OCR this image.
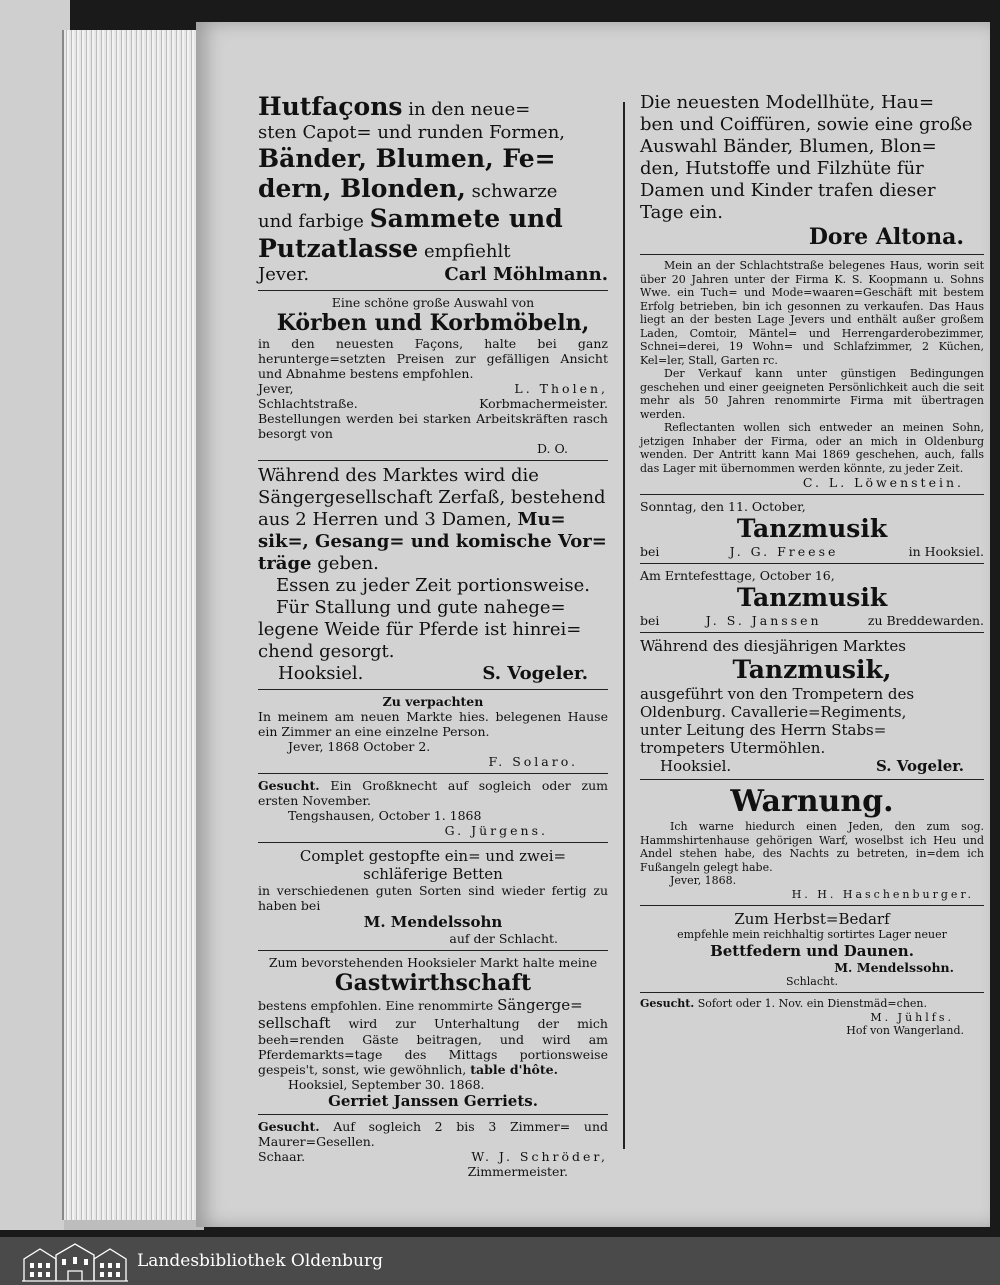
Hutfaçons in den neue=

sten Capot= und runden Formen,

Bänder, Blumen, Fe=

dern, Blonden, schwarze

und farbige Sammete und

Putzatlasse empfiehlt

Jever.	Carl Möhlmann.

Eine schöne große Auswahl von

Körben und Korbmöbeln,

in den neuesten Façons, halte bei ganz herunterge=setzten Preisen zur gefälligen Ansicht und Abnahme bestens empfohlen.

Jever,	L. Tholen,
Schlachtstraße.	Korbmachermeister.

Bestellungen werden bei starken Arbeitskräften rasch besorgt von

D. O.

Während des Marktes wird die

Sängergesellschaft Zerfaß, bestehend

aus 2 Herren und 3 Damen, Mu=

sik=, Gesang= und komische Vor=

träge geben.

Essen zu jeder Zeit portionsweise.

Für Stallung und gute nahege=

legene Weide für Pferde ist hinrei=

chend gesorgt.

Hooksiel.	S. Vogeler.

Zu verpachten

In meinem am neuen Markte hies. belegenen Hause ein Zimmer an eine einzelne Person.

Jever, 1868 October 2.

F. Solaro.

Gesucht. Ein Großknecht auf sogleich oder zum ersten November.

Tengshausen, October 1. 1868

G. Jürgens.

Complet gestopfte ein= und zwei=

schläferige Betten

in verschiedenen guten Sorten sind wieder fertig zu haben bei

M. Mendelssohn

auf der Schlacht.

Zum bevorstehenden Hooksieler Markt halte meine

Gastwirthschaft

bestens empfohlen. Eine renommirte Sängerge=

sellschaft wird zur Unterhaltung der mich beeh=renden Gäste beitragen, und wird am Pferdemarkts=tage des Mittags portionsweise gespeis't, sonst, wie gewöhnlich, table d'hôte.

Hooksiel, September 30. 1868.

Gerriet Janssen Gerriets.

Gesucht. Auf sogleich 2 bis 3 Zimmer= und Maurer=Gesellen.

Schaar.	W. J. Schröder,

Zimmermeister.

Die neuesten Modellhüte, Hau=

ben und Coiffüren, sowie eine große

Auswahl Bänder, Blumen, Blon=

den, Hutstoffe und Filzhüte für

Damen und Kinder trafen dieser

Tage ein.

Dore Altona.

Mein an der Schlachtstraße belegenes Haus, worin seit über 20 Jahren unter der Firma K. S. Koopmann u. Sohns Wwe. ein Tuch= und Mode=waaren=Geschäft mit bestem Erfolg betrieben, bin ich gesonnen zu verkaufen. Das Haus liegt an der besten Lage Jevers und enthält außer großem Laden, Comtoir, Mäntel= und Herrengarderobezimmer, Schnei=derei, 19 Wohn= und Schlafzimmer, 2 Küchen, Kel=ler, Stall, Garten rc.

Der Verkauf kann unter günstigen Bedingungen geschehen und einer geeigneten Persönlichkeit auch die seit mehr als 50 Jahren renommirte Firma mit übertragen werden.

Reflectanten wollen sich entweder an meinen Sohn, jetzigen Inhaber der Firma, oder an mich in Oldenburg wenden. Der Antritt kann Mai 1869 geschehen, auch, falls das Lager mit übernommen werden könnte, zu jeder Zeit.

C. L. Löwenstein.

Sonntag, den 11. October,

Tanzmusik

bei	J. G. Freese	in Hooksiel.

Am Erntefesttage, October 16,

Tanzmusik

bei	J. S. Janssen	zu Breddewarden.

Während des diesjährigen Marktes

Tanzmusik,

ausgeführt von den Trompetern des

Oldenburg. Cavallerie=Regiments,

unter Leitung des Herrn Stabs=

trompeters Utermöhlen.

Hooksiel.	S. Vogeler.

Warnung.

Ich warne hiedurch einen Jeden, den zum sog. Hammshirtenhause gehörigen Warf, woselbst ich Heu und Andel stehen habe, des Nachts zu betreten, in=dem ich Fußangeln gelegt habe.

Jever, 1868.

H. H. Haschenburger.

Zum Herbst=Bedarf

empfehle mein reichhaltig sortirtes Lager neuer

Bettfedern und Daunen.

M. Mendelssohn.

Schlacht.

Gesucht. Sofort oder 1. Nov. ein Dienstmäd=chen.

M. Jühlfs.

Hof von Wangerland.

Landesbibliothek Oldenburg
